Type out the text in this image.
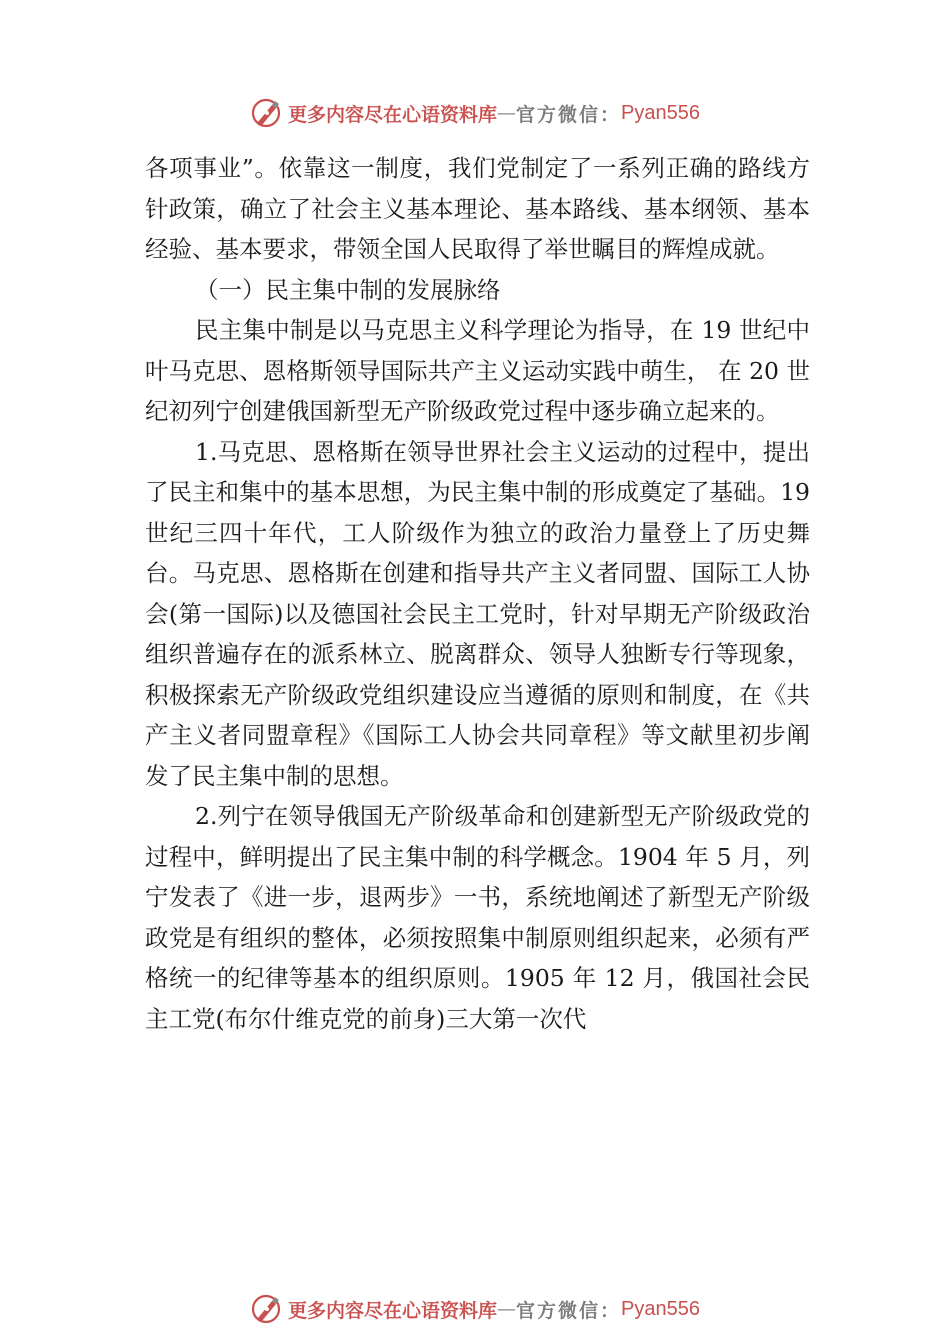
更多内容尽在心语资料库 — 官方微信： Pyan556

各项事业”。依靠这一制度，我们党制定了一系列正确的路线方针政策，确立了社会主义基本理论、基本路线、基本纲领、基本经验、基本要求，带领全国人民取得了举世瞩目的辉煌成就。

（一）民主集中制的发展脉络

民主集中制是以马克思主义科学理论为指导，在 19 世纪中叶马克思、恩格斯领导国际共产主义运动实践中萌生， 在 20 世纪初列宁创建俄国新型无产阶级政党过程中逐步确立起来的。

1.马克思、恩格斯在领导世界社会主义运动的过程中，提出了民主和集中的基本思想，为民主集中制的形成奠定了基础。19 世纪三四十年代，工人阶级作为独立的政治力量登上了历史舞台。马克思、恩格斯在创建和指导共产主义者同盟、国际工人协会(第一国际)以及德国社会民主工党时，针对早期无产阶级政治组织普遍存在的派系林立、脱离群众、领导人独断专行等现象，积极探索无产阶级政党组织建设应当遵循的原则和制度，在《共产主义者同盟章程》《国际工人协会共同章程》等文献里初步阐发了民主集中制的思想。

2.列宁在领导俄国无产阶级革命和创建新型无产阶级政党的过程中，鲜明提出了民主集中制的科学概念。1904 年 5 月，列宁发表了《进一步，退两步》一书，系统地阐述了新型无产阶级政党是有组织的整体，必须按照集中制原则组织起来，必须有严格统一的纪律等基本的组织原则。1905 年 12 月，俄国社会民主工党(布尔什维克党的前身)三大第一次代

更多内容尽在心语资料库 — 官方微信： Pyan556
